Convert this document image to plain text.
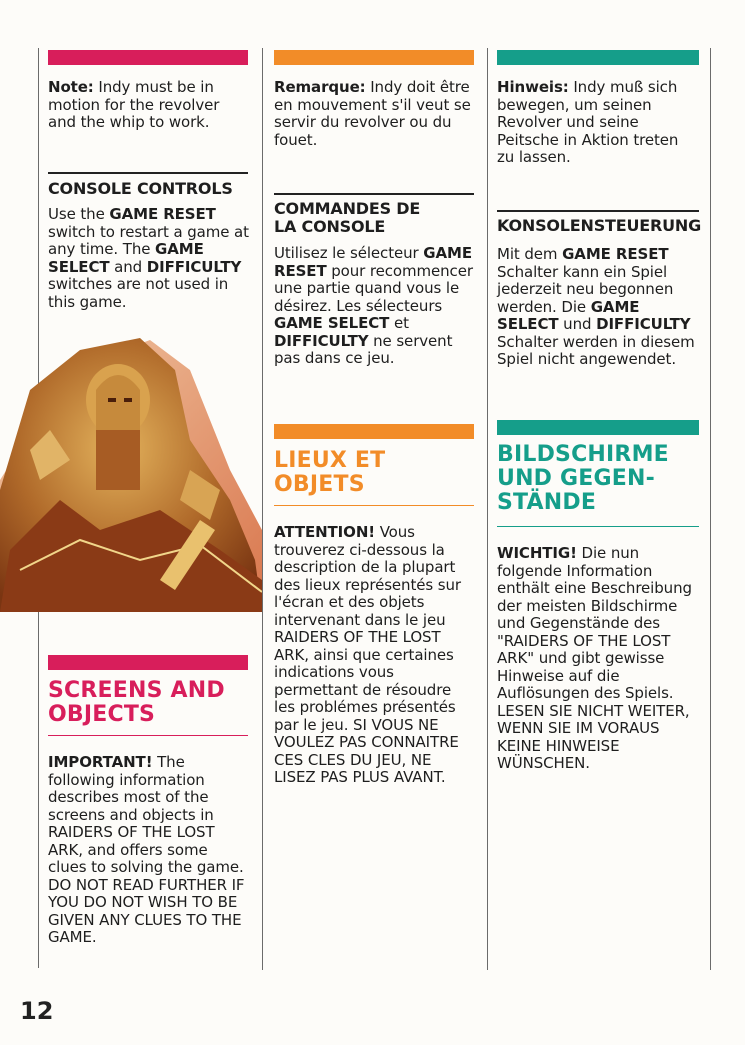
Note: Indy must be in motion for the revolver and the whip to work.

CONSOLE CONTROLS

Use the GAME RESET switch to restart a game at any time. The GAME SELECT and DIFFICULTY switches are not used in this game.

SCREENS AND
OBJECTS

IMPORTANT! The following information describes most of the screens and objects in RAIDERS OF THE LOST ARK, and offers some clues to solving the game. DO NOT READ FURTHER IF YOU DO NOT WISH TO BE GIVEN ANY CLUES TO THE GAME.

Remarque: Indy doit être en mouvement s'il veut se servir du revolver ou du fouet.

COMMANDES DE
LA CONSOLE

Utilisez le sélecteur GAME RESET pour recommencer une partie quand vous le désirez. Les sélecteurs GAME SELECT et DIFFICULTY ne servent pas dans ce jeu.

LIEUX ET
OBJETS

ATTENTION! Vous trouverez ci-dessous la description de la plupart des lieux représentés sur l'écran et des objets intervenant dans le jeu RAIDERS OF THE LOST ARK, ainsi que certaines indications vous permettant de résoudre les problémes présentés par le jeu. SI VOUS NE VOULEZ PAS CONNAITRE CES CLES DU JEU, NE LISEZ PAS PLUS AVANT.

Hinweis: Indy muß sich bewegen, um seinen Revolver und seine Peitsche in Aktion treten zu lassen.

KONSOLENSTEUERUNG

Mit dem GAME RESET Schalter kann ein Spiel jederzeit neu begonnen werden. Die GAME SELECT und DIFFICULTY Schalter werden in diesem Spiel nicht angewendet.

BILDSCHIRME
UND GEGEN-
STÄNDE

WICHTIG! Die nun folgende Information enthält eine Beschreibung der meisten Bildschirme und Gegenstände des "RAIDERS OF THE LOST ARK" und gibt gewisse Hinweise auf die Auflösungen des Spiels. LESEN SIE NICHT WEITER, WENN SIE IM VORAUS KEINE HINWEISE WÜNSCHEN.

12
